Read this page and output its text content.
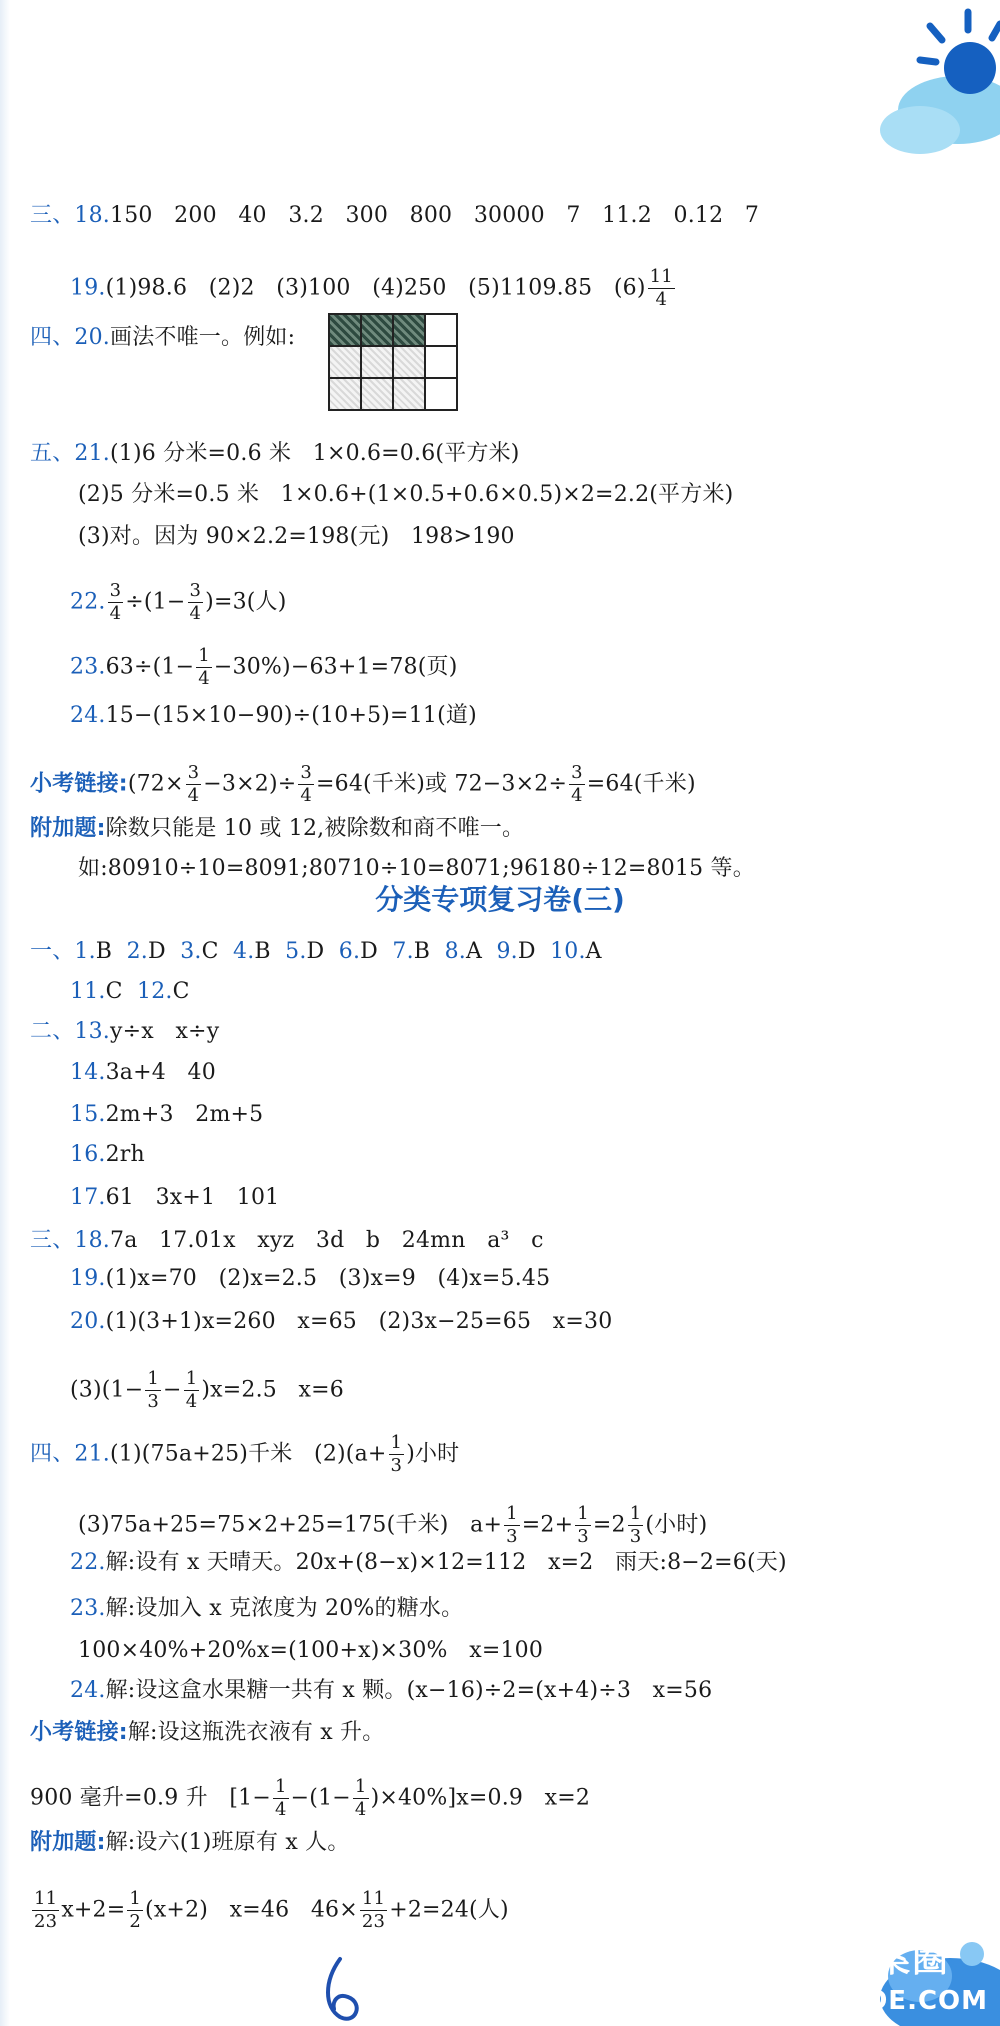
三、18.150   200   40   3.2   300   800   30000   7   11.2   0.12   7
19.(1)98.6   (2)2   (3)100   (4)250   (5)1109.85   $(6) \frac{11}{4}$
四、20.画法不唯一。例如:
五、21.(1)6 分米=0.6 米   1×0.6=0.6(平方米)
(2)5 分米=0.5 米   1×0.6+(1×0.5+0.6×0.5)×2=2.2(平方米)
(3)对。因为 90×2.2=198(元)   198>190
22. $\frac{3}{4} \div(1- \frac{3}{4} )=3$(人)
$23.63\div(1- \frac{1}{4} -30\%)-63+1=78$(页)
24.15−(15×10−90)÷(10+5)=11(道)
小考链接:(72× $\frac{3}{4} -3\times 2)\div \frac{3}{4} =64$(千米)或 $72-3\times 2\div \frac{3}{4} =64$(千米)
附加题:除数只能是 10 或 12,被除数和商不唯一。
如:80910÷10=8091;80710÷10=8071;96180÷12=8015 等。
一、1.B  2.D  3.C  4.B  5.D  6.D  7.B  8.A  9.D  10.A
11.C  12.C
二、13.y÷x   x÷y
14.3a+4   40
15.2m+3   2m+5
16.2rh
17.61   3x+1   101
三、18.7a   17.01x   xyz   3d   b   24mn   a³   c
19.(1)x=70   (2)x=2.5   (3)x=9   (4)x=5.45
20.(1)(3+1)x=260   x=65   (2)3x−25=65   x=30
$(3)(1- \frac{1}{3} - \frac{1}{4} )x=2.5$   x=6
四、21.(1)(75a+25)千米   $(2)(a+ \frac{1}{3}$ )小时
(3)75a+25=75×2+25=175(千米)   $a+ \frac{1}{3} =2+ \frac{1}{3} =2 \frac{1}{3}$ (小时)
22.解:设有 x 天晴天。20x+(8−x)×12=112   x=2   雨天:8−2=6(天)
23.解:设加入 x 克浓度为 20%的糖水。
100×40%+20%x=(100+x)×30%   x=100
24.解:设这盒水果糖一共有 x 颗。(x−16)÷2=(x+4)÷3   x=56
小考链接:解:设这瓶洗衣液有 x 升。
900 毫升=0.9 升   $[1- \frac{1}{4} -(1- \frac{1}{4} )\times 40\%]x=0.9$   x=2
附加题:解:设六(1)班原有 x 人。
$\frac{11}{23} x+2= \frac{1}{2} (x+2)$   x=46   $46\times \frac{11}{23} +2=24$(人)

分类专项复习卷(三)
答案圈
MXQE.COM
